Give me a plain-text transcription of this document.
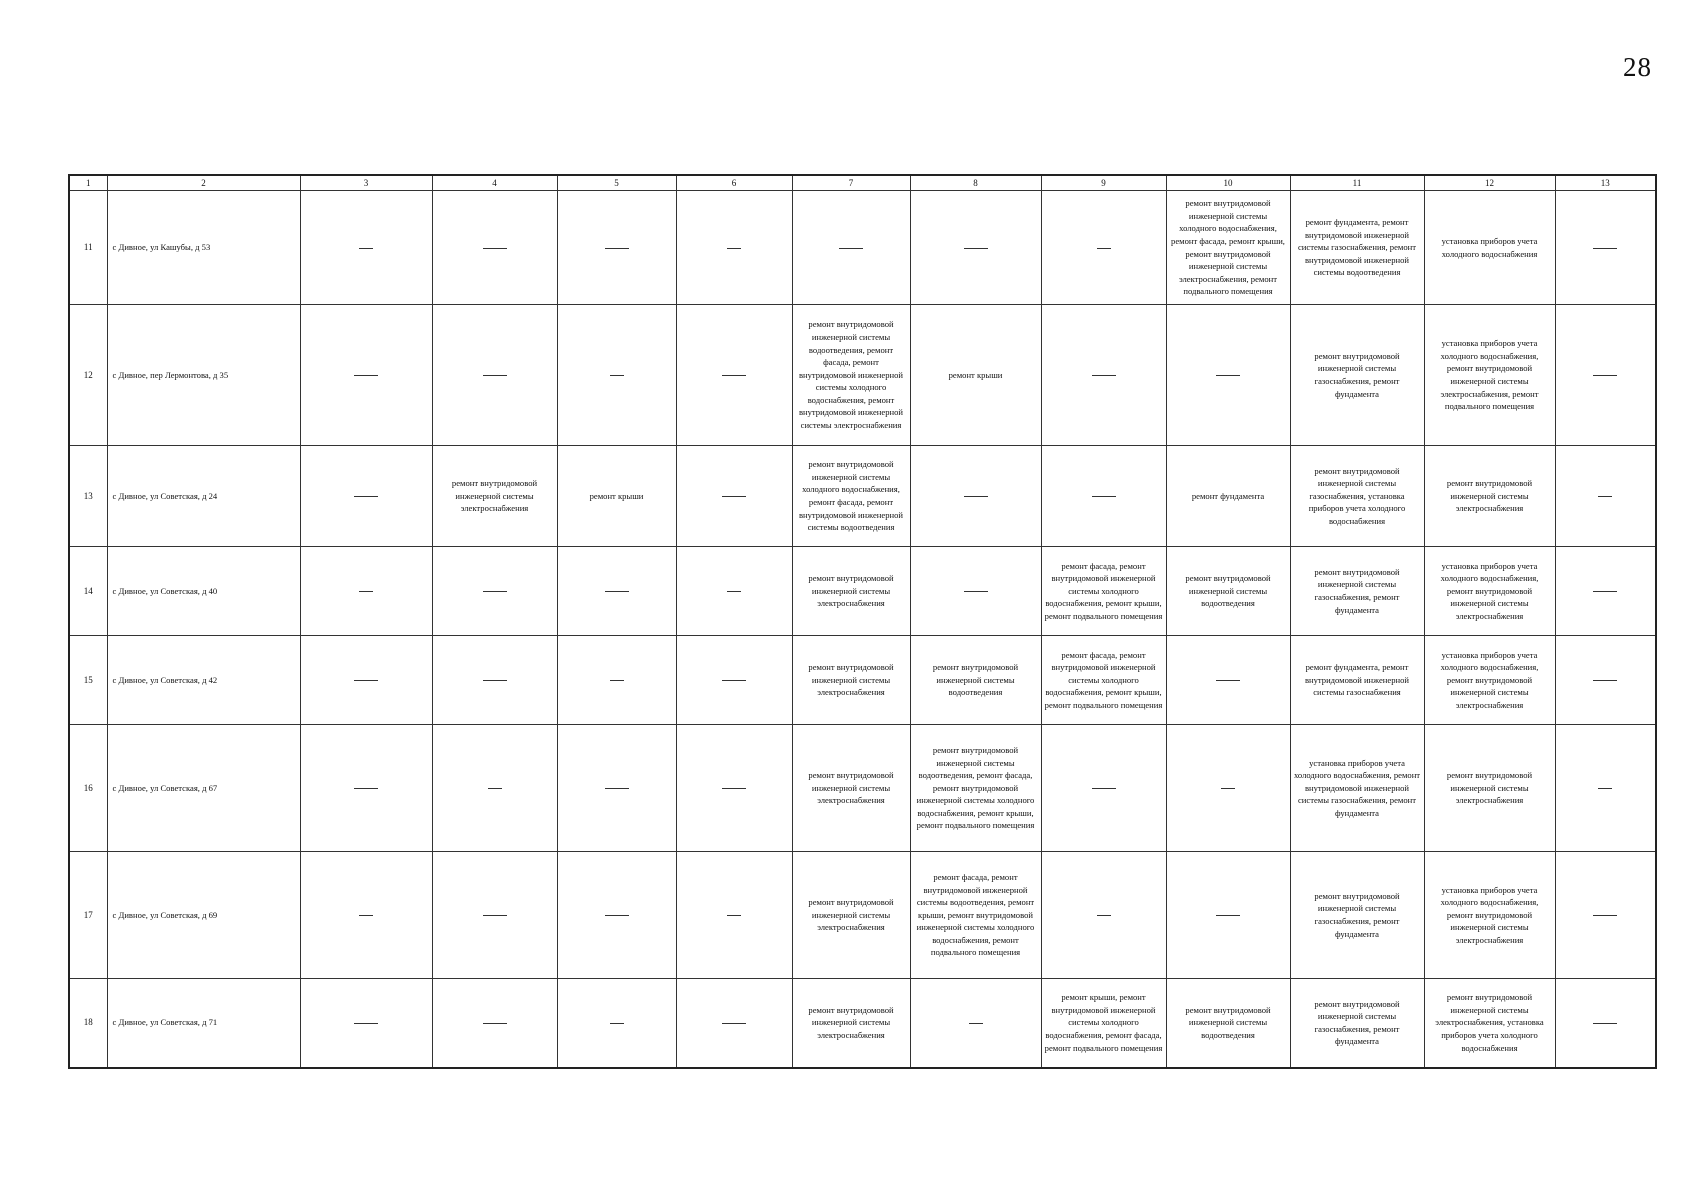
28
1	2	3	4	5	6	7	8	9	10	11	12	13
11	с Дивное, ул Кашубы, д 53								ремонт внутридомовой инженерной системы холодного водоснабжения, ремонт фасада, ремонт крыши, ремонт внутридомовой инженерной системы электроснабжения, ремонт подвального помещения	ремонт фундамента, ремонт внутридомовой инженерной системы газоснабжения, ремонт внутридомовой инженерной системы водоотведения	установка приборов учета холодного водоснабжения	
12	с Дивное, пер Лермонтова, д 35					ремонт внутридомовой инженерной системы водоотведения, ремонт фасада, ремонт внутридомовой инженерной системы холодного водоснабжения, ремонт внутридомовой инженерной системы электроснабжения	ремонт крыши			ремонт внутридомовой инженерной системы газоснабжения, ремонт фундамента	установка приборов учета холодного водоснабжения, ремонт внутридомовой инженерной системы электроснабжения, ремонт подвального помещения	
13	с Дивное, ул Советская, д 24		ремонт внутридомовой инженерной системы электроснабжения	ремонт крыши		ремонт внутридомовой инженерной системы холодного водоснабжения, ремонт фасада, ремонт внутридомовой инженерной системы водоотведения			ремонт фундамента	ремонт внутридомовой инженерной системы газоснабжения, установка приборов учета холодного водоснабжения	ремонт внутридомовой инженерной системы электроснабжения	
14	с Дивное, ул Советская, д 40					ремонт внутридомовой инженерной системы электроснабжения		ремонт фасада, ремонт внутридомовой инженерной системы холодного водоснабжения, ремонт крыши, ремонт подвального помещения	ремонт внутридомовой инженерной системы водоотведения	ремонт внутридомовой инженерной системы газоснабжения, ремонт фундамента	установка приборов учета холодного водоснабжения, ремонт внутридомовой инженерной системы электроснабжения	
15	с Дивное, ул Советская, д 42					ремонт внутридомовой инженерной системы электроснабжения	ремонт внутридомовой инженерной системы водоотведения	ремонт фасада, ремонт внутридомовой инженерной системы холодного водоснабжения, ремонт крыши, ремонт подвального помещения		ремонт фундамента, ремонт внутридомовой инженерной системы газоснабжения	установка приборов учета холодного водоснабжения, ремонт внутридомовой инженерной системы электроснабжения	
16	с Дивное, ул Советская, д 67					ремонт внутридомовой инженерной системы электроснабжения	ремонт внутридомовой инженерной системы водоотведения, ремонт фасада, ремонт внутридомовой инженерной системы холодного водоснабжения, ремонт крыши, ремонт подвального помещения			установка приборов учета холодного водоснабжения, ремонт внутридомовой инженерной системы газоснабжения, ремонт фундамента	ремонт внутридомовой инженерной системы электроснабжения	
17	с Дивное, ул Советская, д 69					ремонт внутридомовой инженерной системы электроснабжения	ремонт фасада, ремонт внутридомовой инженерной системы водоотведения, ремонт крыши, ремонт внутридомовой инженерной системы холодного водоснабжения, ремонт подвального помещения			ремонт внутридомовой инженерной системы газоснабжения, ремонт фундамента	установка приборов учета холодного водоснабжения, ремонт внутридомовой инженерной системы электроснабжения	
18	с Дивное, ул Советская, д 71					ремонт внутридомовой инженерной системы электроснабжения		ремонт крыши, ремонт внутридомовой инженерной системы холодного водоснабжения, ремонт фасада, ремонт подвального помещения	ремонт внутридомовой инженерной системы водоотведения	ремонт внутридомовой инженерной системы газоснабжения, ремонт фундамента	ремонт внутридомовой инженерной системы электроснабжения, установка приборов учета холодного водоснабжения	
